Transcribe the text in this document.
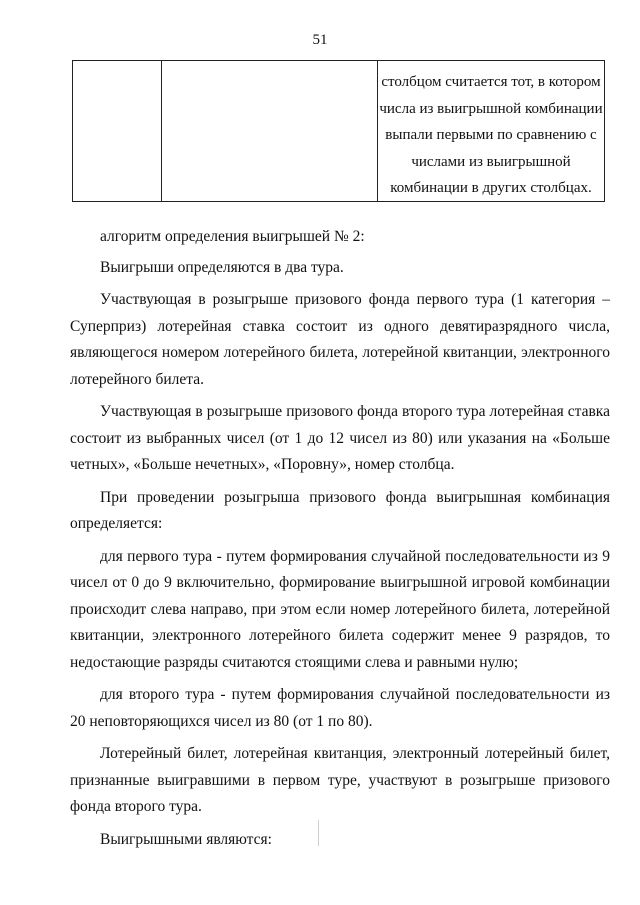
51
столбцом считается тот, в котором
числа из выигрышной комбинации
выпали первыми по сравнению с
числами из выигрышной
комбинации в других столбцах.

алгоритм определения выигрышей № 2:

Выигрыши определяются в два тура.

Участвующая в розыгрыше призового фонда первого тура (1 категория – Суперприз) лотерейная ставка состоит из одного девятиразрядного числа, являющегося номером лотерейного билета, лотерейной квитанции, электронного лотерейного билета.

Участвующая в розыгрыше призового фонда второго тура лотерейная ставка состоит из выбранных чисел (от 1 до 12 чисел из 80) или указания на «Больше четных», «Больше нечетных», «Поровну», номер столбца.

При проведении розыгрыша призового фонда выигрышная комбинация определяется:

для первого тура - путем формирования случайной последовательности из 9 чисел от 0 до 9 включительно, формирование выигрышной игровой комбинации происходит слева направо, при этом если номер лотерейного билета, лотерейной квитанции, электронного лотерейного билета содержит менее 9 разрядов, то недостающие разряды считаются стоящими слева и равными нулю;

для второго тура - путем формирования случайной последовательности из 20 неповторяющихся чисел из 80 (от 1 по 80).

Лотерейный билет, лотерейная квитанция, электронный лотерейный билет, признанные выигравшими в первом туре, участвуют в розыгрыше призового фонда второго тура.

Выигрышными являются:
